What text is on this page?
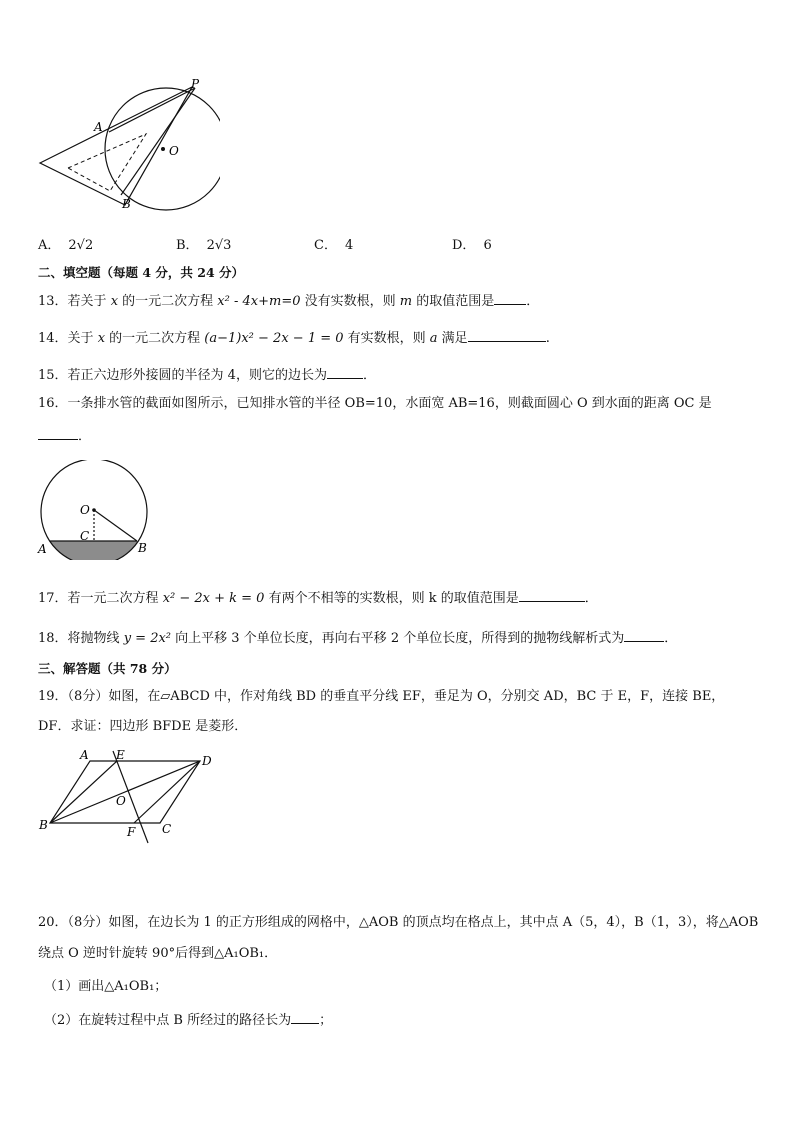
P
A
O
B
A． 2√2	B． 2√3	C． 4	D． 6
二、填空题（每题 4 分，共 24 分）
13．若关于 x 的一元二次方程 x² - 4x+m=0 没有实数根，则 m 的取值范围是 ．
14．关于 x 的一元二次方程 (a−1)x² − 2x − 1 = 0 有实数根，则 a 满足	.
15．若正六边形外接圆的半径为 4，则它的边长为	．
16．一条排水管的截面如图所示，已知排水管的半径 OB=10，水面宽 AB=16，则截面圆心 O 到水面的距离 OC 是
．
O
C
A	B
17．若一元二次方程 x² − 2x + k = 0 有两个不相等的实数根，则 k 的取值范围是	．
18．将抛物线 y = 2x² 向上平移 3 个单位长度，再向右平移 2 个单位长度，所得到的抛物线解析式为	．
三、解答题（共 78 分）
19．（8分）如图，在▱ABCD 中，作对角线 BD 的垂直平分线 EF，垂足为 O，分别交 AD，BC 于 E，F，连接 BE，
DF．求证：四边形 BFDE 是菱形．
A E	D
O
B	F C
20．（8分）如图，在边长为 1 的正方形组成的网格中，△AOB 的顶点均在格点上，其中点 A（5，4），B（1，3），将△AOB
绕点 O 逆时针旋转 90°后得到△A₁OB₁．
（1）画出△A₁OB₁；
（2）在旋转过程中点 B 所经过的路径长为 ；
